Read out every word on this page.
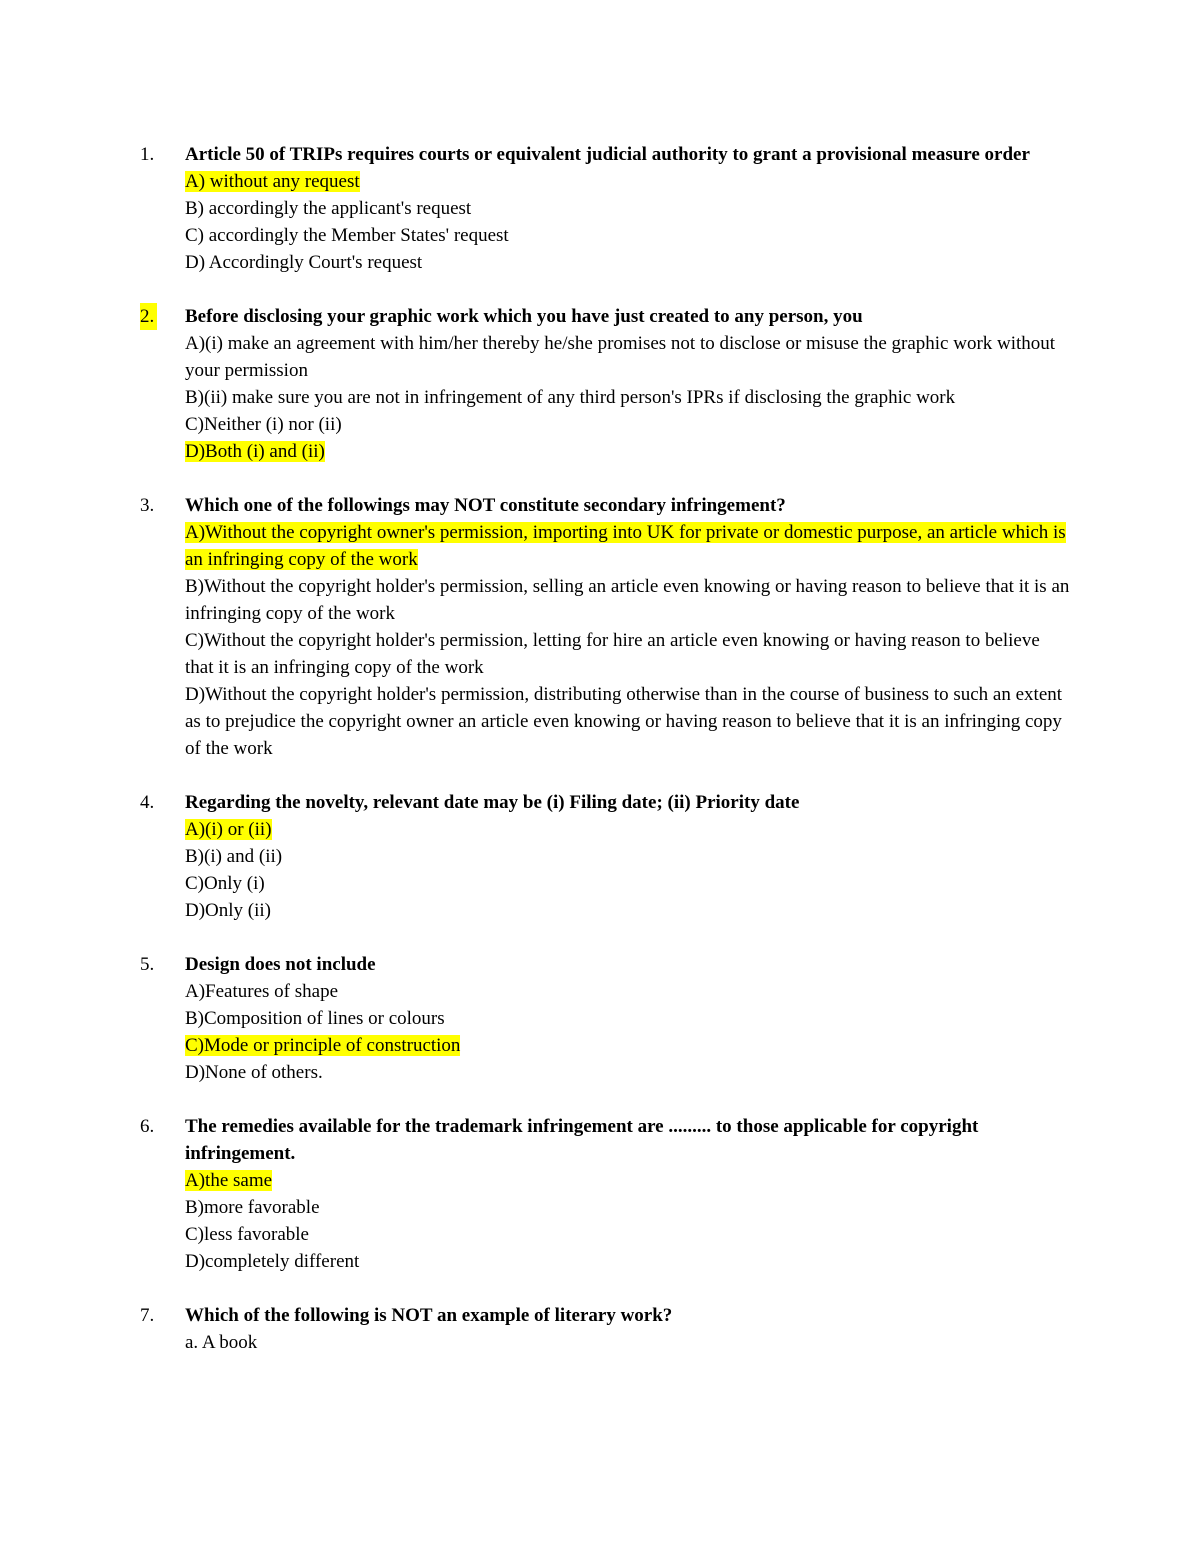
1. Article 50 of TRIPs requires courts or equivalent judicial authority to grant a provisional measure order
A) without any request
B) accordingly the applicant's request
C) accordingly the Member States' request
D) Accordingly Court's request
2. Before disclosing your graphic work which you have just created to any person, you
A)(i) make an agreement with him/her thereby he/she promises not to disclose or misuse the graphic work without your permission
B)(ii) make sure you are not in infringement of any third person's IPRs if disclosing the graphic work
C)Neither (i) nor (ii)
D)Both (i) and (ii)
3. Which one of the followings may NOT constitute secondary infringement?
A)Without the copyright owner's permission, importing into UK for private or domestic purpose, an article which is an infringing copy of the work
B)Without the copyright holder's permission, selling an article even knowing or having reason to believe that it is an infringing copy of the work
C)Without the copyright holder's permission, letting for hire an article even knowing or having reason to believe that it is an infringing copy of the work
D)Without the copyright holder's permission, distributing otherwise than in the course of business to such an extent as to prejudice the copyright owner an article even knowing or having reason to believe that it is an infringing copy of the work
4. Regarding the novelty, relevant date may be (i) Filing date; (ii) Priority date
A)(i) or (ii)
B)(i) and (ii)
C)Only (i)
D)Only (ii)
5. Design does not include
A)Features of shape
B)Composition of lines or colours
C)Mode or principle of construction
D)None of others.
6. The remedies available for the trademark infringement are ......... to those applicable for copyright infringement.
A)the same
B)more favorable
C)less favorable
D)completely different
7. Which of the following is NOT an example of literary work?
a. A book
